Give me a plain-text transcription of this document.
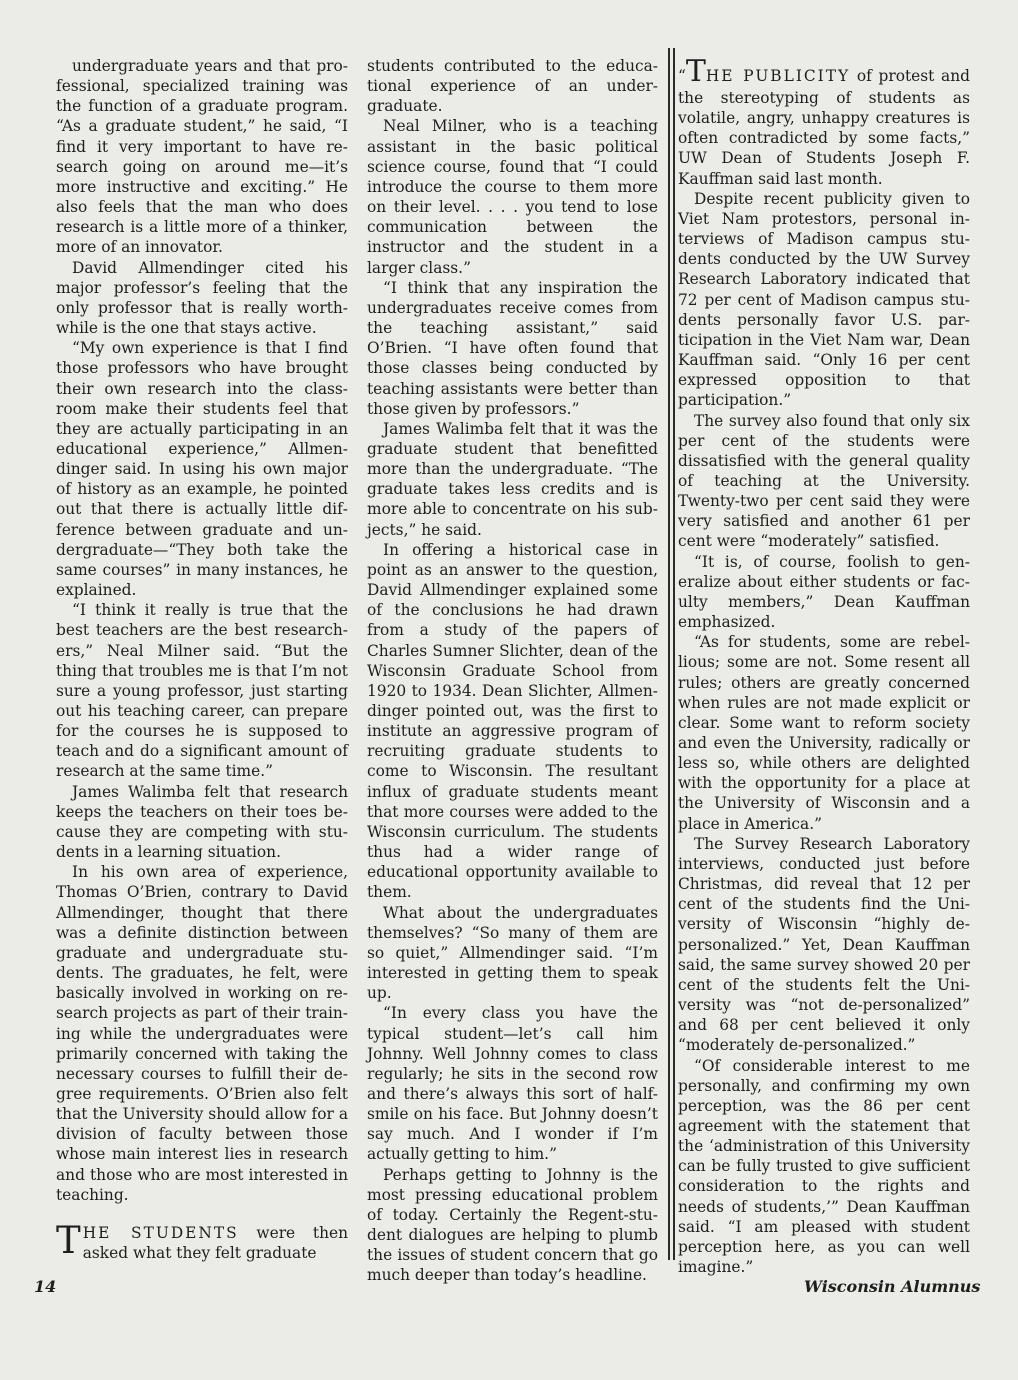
undergraduate years and that professional, specialized training was the function of a graduate program. “As a graduate student,” he said, “I find it very important to have research going on around me—it’s more instructive and exciting.” He also feels that the man who does research is a little more of a thinker, more of an innovator.

David Allmendinger cited his major professor’s feeling that the only professor that is really worthwhile is the one that stays active.

“My own experience is that I find those professors who have brought their own research into the classroom make their students feel that they are actually participating in an educational experience,” Allmendinger said. In using his own major of history as an example, he pointed out that there is actually little difference between graduate and undergraduate—“They both take the same courses” in many instances, he explained.

“I think it really is true that the best teachers are the best researchers,” Neal Milner said. “But the thing that troubles me is that I’m not sure a young professor, just starting out his teaching career, can prepare for the courses he is supposed to teach and do a significant amount of research at the same time.”

James Walimba felt that research keeps the teachers on their toes because they are competing with students in a learning situation.

In his own area of experience, Thomas O’Brien, contrary to David Allmendinger, thought that there was a definite distinction between graduate and undergraduate students. The graduates, he felt, were basically involved in working on research projects as part of their training while the undergraduates were primarily concerned with taking the necessary courses to fulfill their degree requirements. O’Brien also felt that the University should allow for a division of faculty between those whose main interest lies in research and those who are most interested in teaching.

THE STUDENTS were then asked what they felt graduate

students contributed to the educational experience of an undergraduate.

Neal Milner, who is a teaching assistant in the basic political science course, found that “I could introduce the course to them more on their level. . . . you tend to lose communication between the instructor and the student in a larger class.”

“I think that any inspiration the undergraduates receive comes from the teaching assistant,” said O’Brien. “I have often found that those classes being conducted by teaching assistants were better than those given by professors.”

James Walimba felt that it was the graduate student that benefitted more than the undergraduate. “The graduate takes less credits and is more able to concentrate on his subjects,” he said.

In offering a historical case in point as an answer to the question, David Allmendinger explained some of the conclusions he had drawn from a study of the papers of Charles Sumner Slichter, dean of the Wisconsin Graduate School from 1920 to 1934. Dean Slichter, Allmendinger pointed out, was the first to institute an aggressive program of recruiting graduate students to come to Wisconsin. The resultant influx of graduate students meant that more courses were added to the Wisconsin curriculum. The students thus had a wider range of educational opportunity available to them.

What about the undergraduates themselves? “So many of them are so quiet,” Allmendinger said. “I’m interested in getting them to speak up.

“In every class you have the typical student—let’s call him Johnny. Well Johnny comes to class regularly; he sits in the second row and there’s always this sort of half-smile on his face. But Johnny doesn’t say much. And I wonder if I’m actually getting to him.”

Perhaps getting to Johnny is the most pressing educational problem of today. Certainly the Regent-student dialogues are helping to plumb the issues of student concern that go much deeper than today’s headline.

“THE PUBLICITY of protest and the stereotyping of students as volatile, angry, unhappy creatures is often contradicted by some facts,” UW Dean of Students Joseph F. Kauffman said last month.

Despite recent publicity given to Viet Nam protestors, personal interviews of Madison campus students conducted by the UW Survey Research Laboratory indicated that 72 per cent of Madison campus students personally favor U.S. participation in the Viet Nam war, Dean Kauffman said. “Only 16 per cent expressed opposition to that participation.”

The survey also found that only six per cent of the students were dissatisfied with the general quality of teaching at the University. Twenty-two per cent said they were very satisfied and another 61 per cent were “moderately” satisfied.

“It is, of course, foolish to generalize about either students or faculty members,” Dean Kauffman emphasized.

“As for students, some are rebellious; some are not. Some resent all rules; others are greatly concerned when rules are not made explicit or clear. Some want to reform society and even the University, radically or less so, while others are delighted with the opportunity for a place at the University of Wisconsin and a place in America.”

The Survey Research Laboratory interviews, conducted just before Christmas, did reveal that 12 per cent of the students find the University of Wisconsin “highly depersonalized.” Yet, Dean Kauffman said, the same survey showed 20 per cent of the students felt the University was “not de-personalized” and 68 per cent believed it only “moderately de-personalized.”

“Of considerable interest to me personally, and confirming my own perception, was the 86 per cent agreement with the statement that the ‘administration of this University can be fully trusted to give sufficient consideration to the rights and needs of students,’” Dean Kauffman said. “I am pleased with student perception here, as you can well imagine.”

14	Wisconsin Alumnus
